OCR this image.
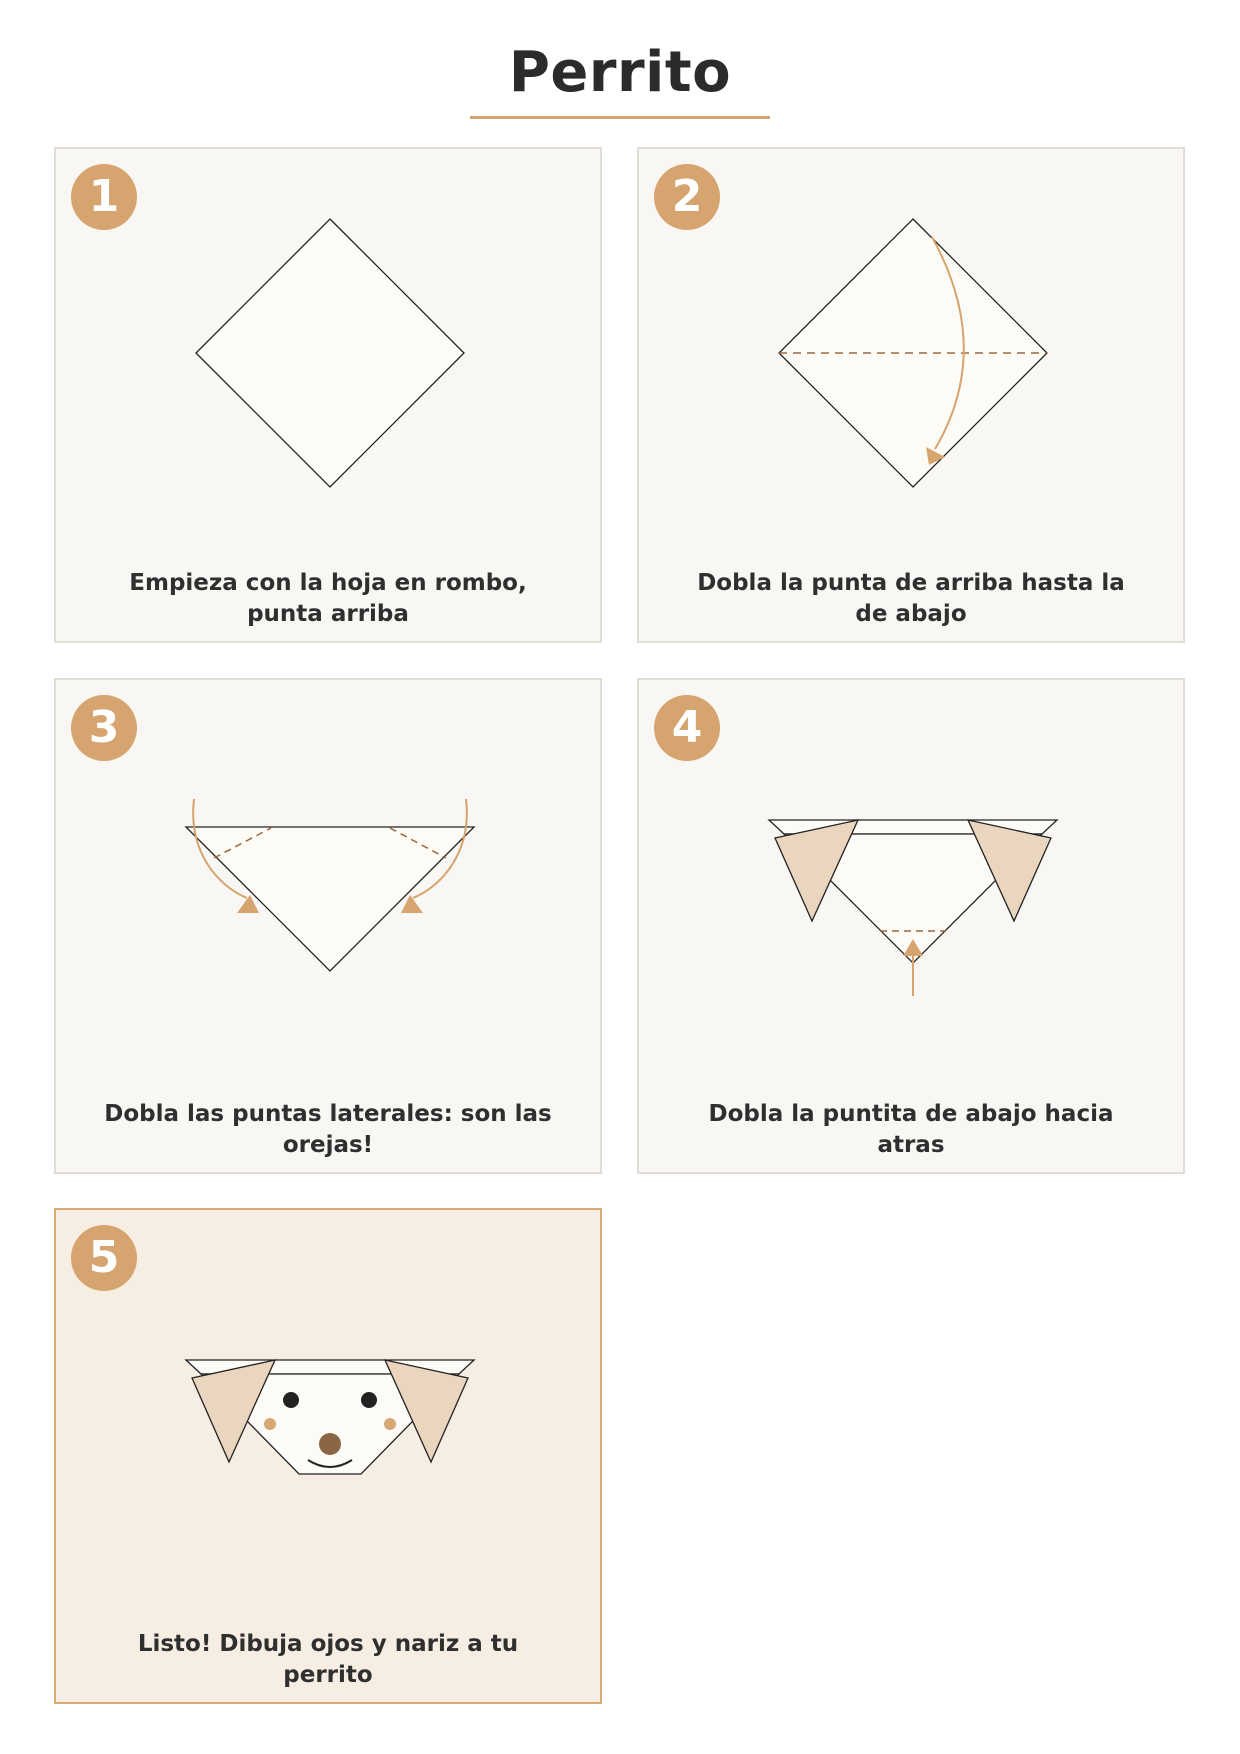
Perrito
1
Empieza con la hoja en rombo, punta arriba
2
Dobla la punta de arriba hasta la de abajo
3
Dobla las puntas laterales: son las orejas!
4
Dobla la puntita de abajo hacia atras
5
Listo! Dibuja ojos y nariz a tu perrito
